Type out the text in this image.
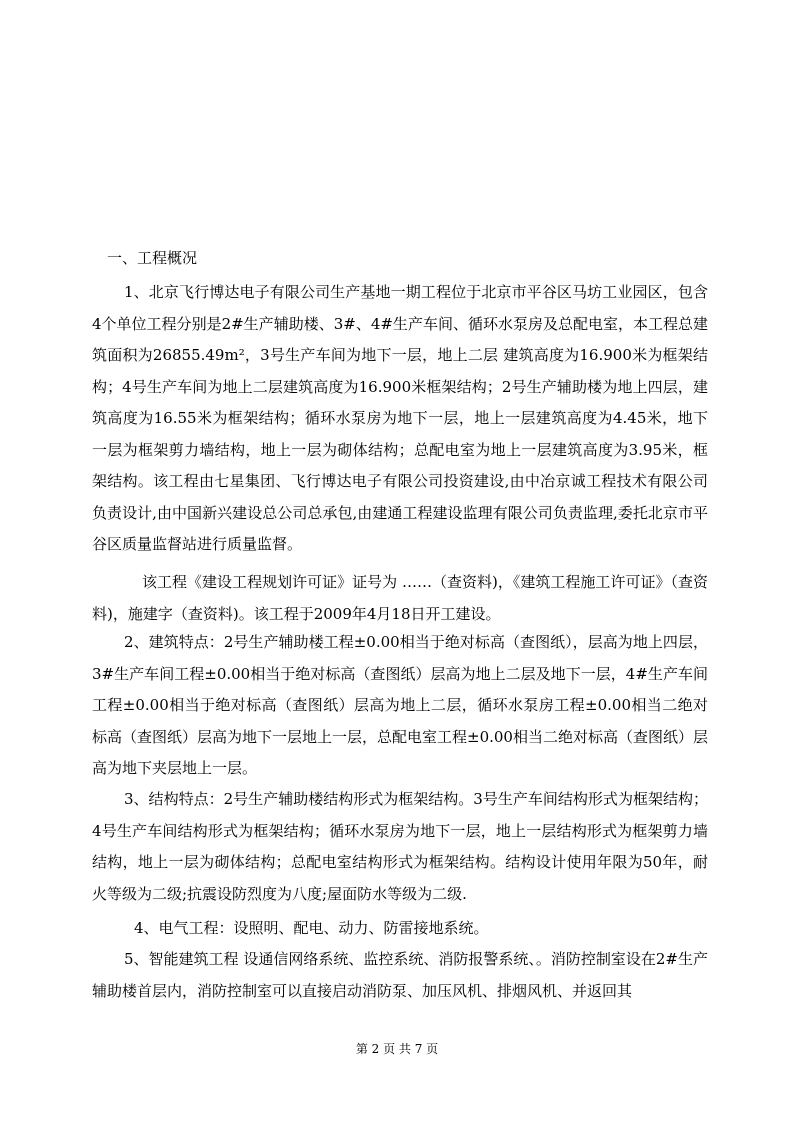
一、工程概况

1、北京飞行博达电子有限公司生产基地一期工程位于北京市平谷区马坊工业园区，包含4个单位工程分别是2#生产辅助楼、3#、4#生产车间、循环水泵房及总配电室，本工程总建筑面积为26855.49m²，3号生产车间为地下一层，地上二层 建筑高度为16.900米为框架结构；4号生产车间为地上二层建筑高度为16.900米框架结构；2号生产辅助楼为地上四层，建筑高度为16.55米为框架结构；循环水泵房为地下一层，地上一层建筑高度为4.45米，地下一层为框架剪力墙结构，地上一层为砌体结构；总配电室为地上一层建筑高度为3.95米，框架结构。该工程由七星集团、飞行博达电子有限公司投资建设,由中冶京诚工程技术有限公司负责设计,由中国新兴建设总公司总承包,由建通工程建设监理有限公司负责监理,委托北京市平谷区质量监督站进行质量监督。

该工程《建设工程规划许可证》证号为 ……（查资料)，《建筑工程施工许可证》（查资料)，施建字（查资料)。该工程于2009年4月18日开工建设。

2、建筑特点：2号生产辅助楼工程±0.00相当于绝对标高（查图纸），层高为地上四层，3#生产车间工程±0.00相当于绝对标高（查图纸）层高为地上二层及地下一层，4#生产车间工程±0.00相当于绝对标高（查图纸）层高为地上二层，循环水泵房工程±0.00相当二绝对标高（查图纸）层高为地下一层地上一层，总配电室工程±0.00相当二绝对标高（查图纸）层高为地下夹层地上一层。

3、结构特点：2号生产辅助楼结构形式为框架结构。3号生产车间结构形式为框架结构；4号生产车间结构形式为框架结构；循环水泵房为地下一层，地上一层结构形式为框架剪力墙结构，地上一层为砌体结构；总配电室结构形式为框架结构。结构设计使用年限为50年，耐火等级为二级;抗震设防烈度为八度;屋面防水等级为二级.

4、电气工程：设照明、配电、动力、防雷接地系统。

5、智能建筑工程 设通信网络系统、监控系统、消防报警系统、。消防控制室设在2#生产辅助楼首层内，消防控制室可以直接启动消防泵、加压风机、排烟风机、并返回其

第 2 页 共 7 页
